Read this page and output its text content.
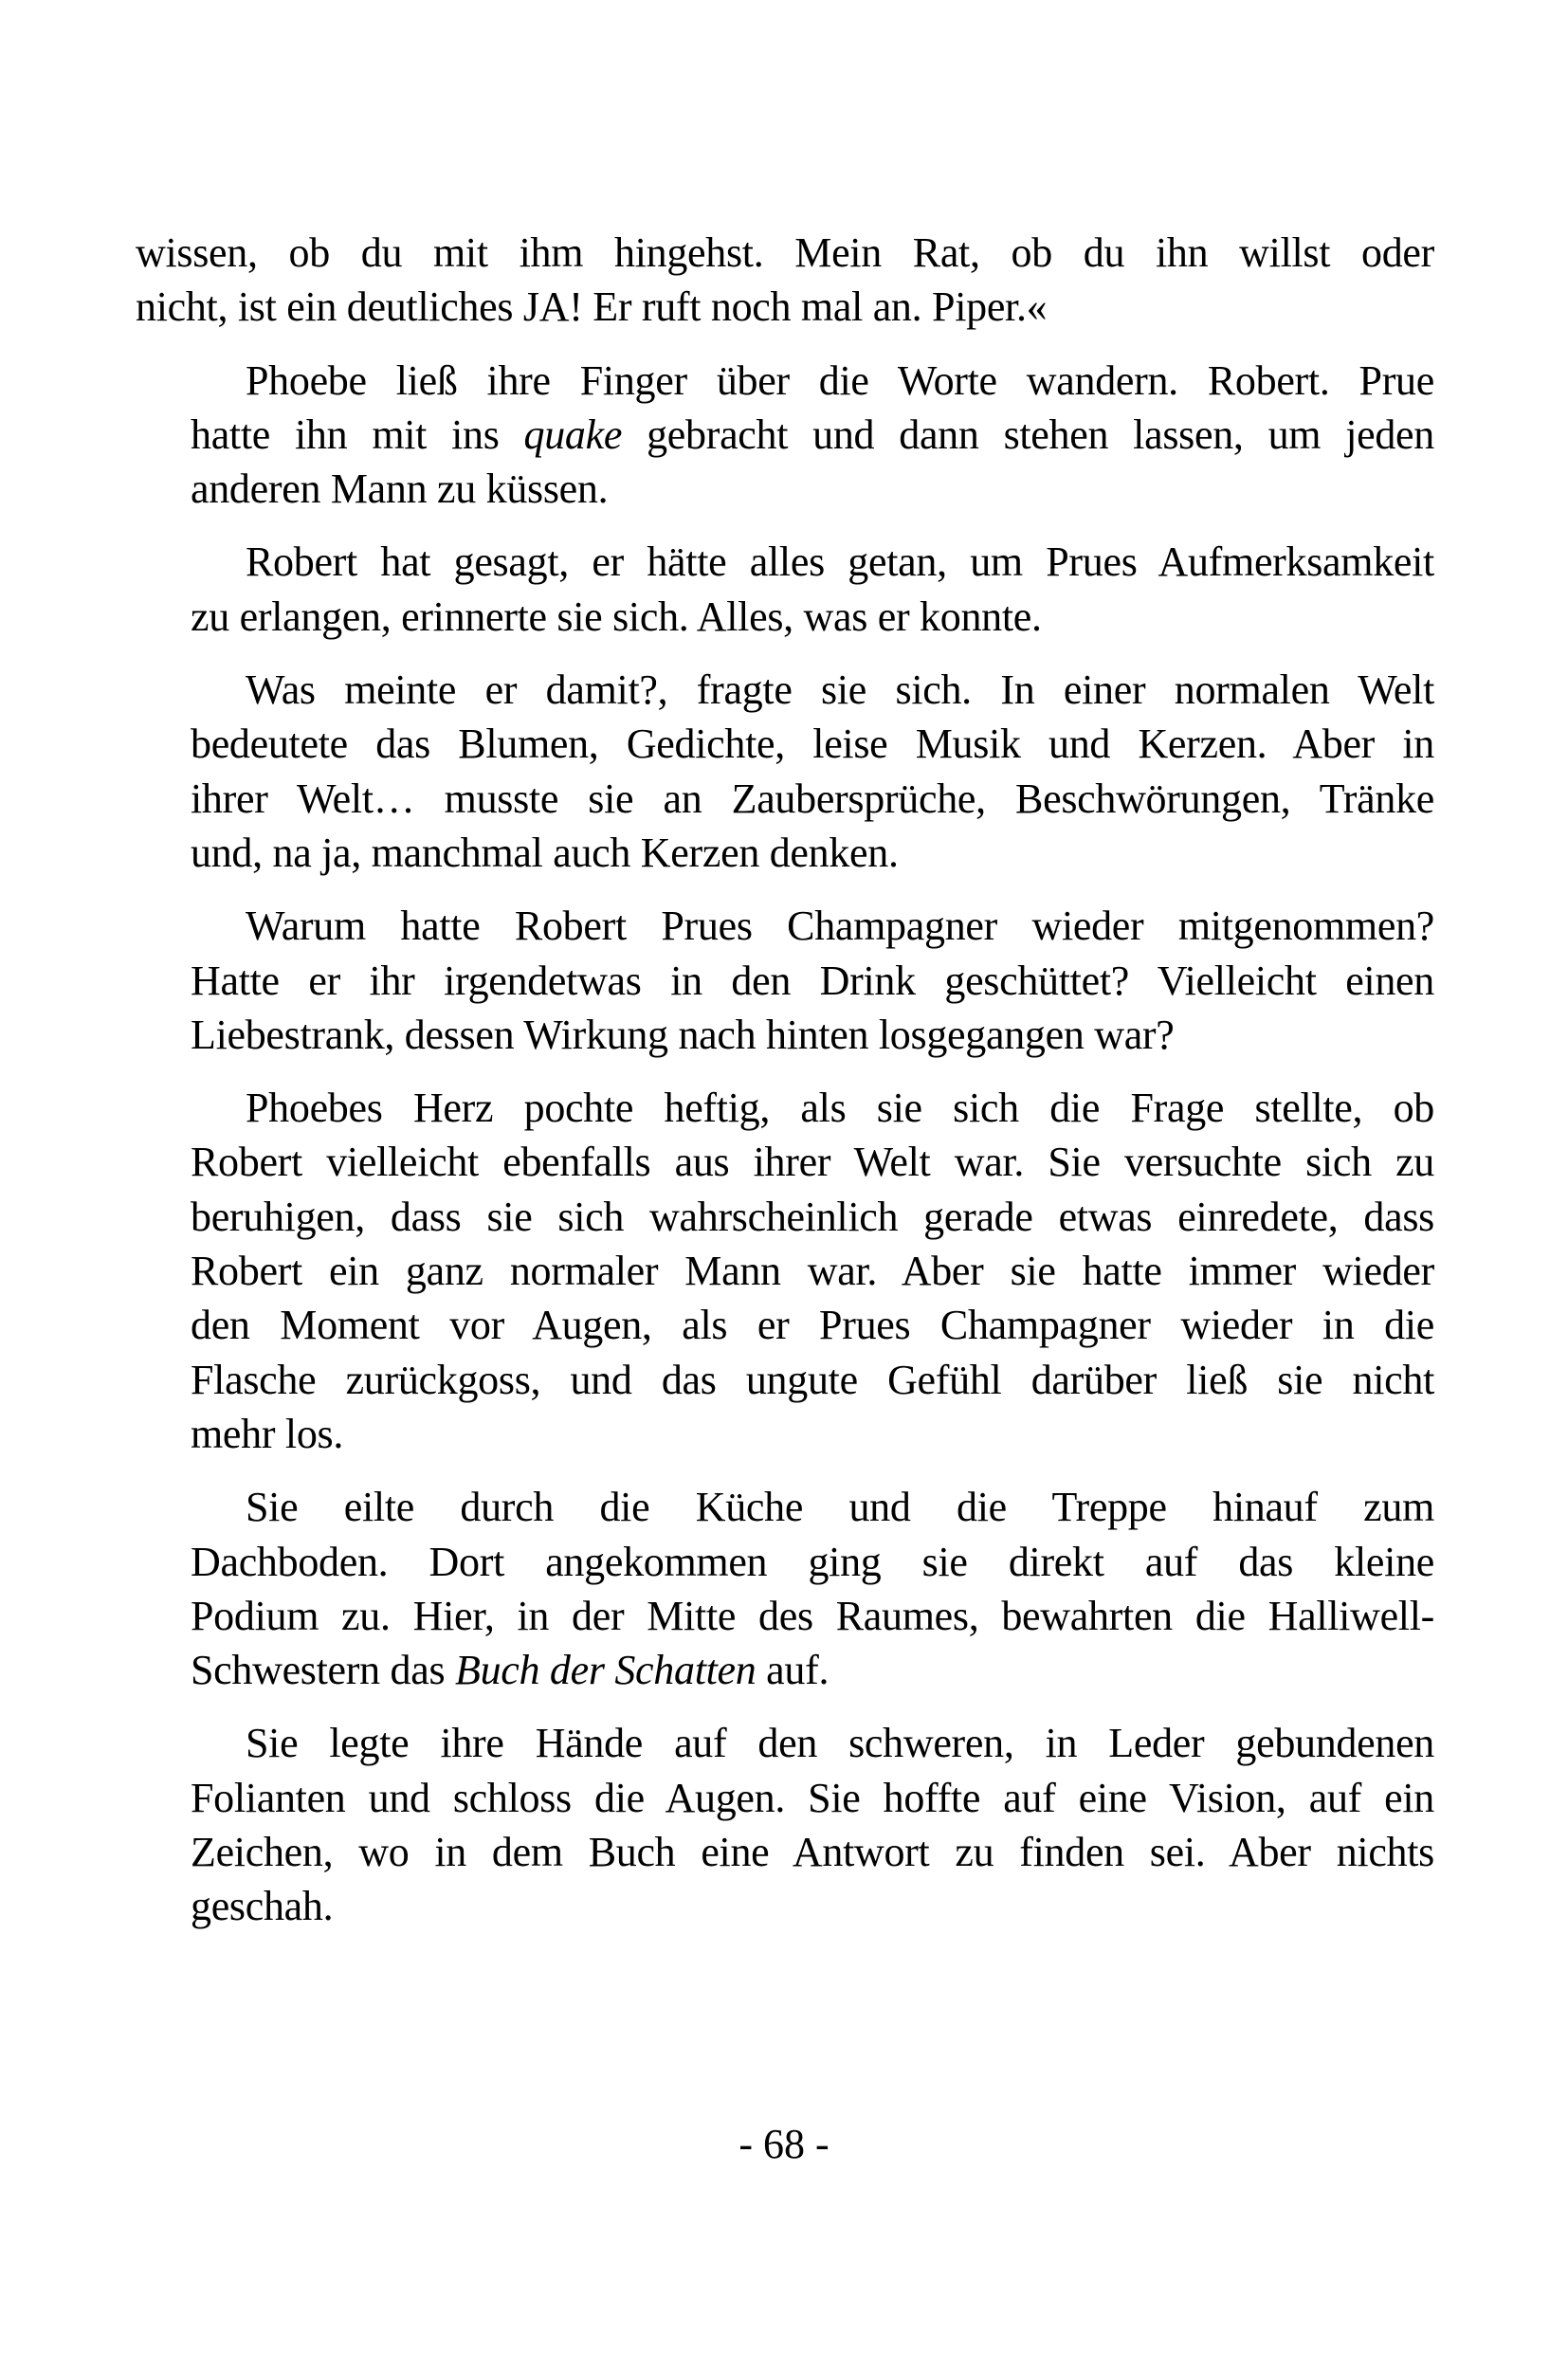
wissen, ob du mit ihm hingehst. Mein Rat, ob du ihn willst oder
nicht, ist ein deutliches JA! Er ruft noch mal an. Piper.«

Phoebe ließ ihre Finger über die Worte wandern. Robert. Prue
hatte ihn mit ins quake gebracht und dann stehen lassen, um jeden
anderen Mann zu küssen.

Robert hat gesagt, er hätte alles getan, um Prues Aufmerksamkeit
zu erlangen, erinnerte sie sich. Alles, was er konnte.

Was meinte er damit?, fragte sie sich. In einer normalen Welt
bedeutete das Blumen, Gedichte, leise Musik und Kerzen. Aber in
ihrer Welt… musste sie an Zaubersprüche, Beschwörungen, Tränke
und, na ja, manchmal auch Kerzen denken.

Warum hatte Robert Prues Champagner wieder mitgenommen?
Hatte er ihr irgendetwas in den Drink geschüttet? Vielleicht einen
Liebestrank, dessen Wirkung nach hinten losgegangen war?

Phoebes Herz pochte heftig, als sie sich die Frage stellte, ob
Robert vielleicht ebenfalls aus ihrer Welt war. Sie versuchte sich zu
beruhigen, dass sie sich wahrscheinlich gerade etwas einredete, dass
Robert ein ganz normaler Mann war. Aber sie hatte immer wieder
den Moment vor Augen, als er Prues Champagner wieder in die
Flasche zurückgoss, und das ungute Gefühl darüber ließ sie nicht
mehr los.

Sie eilte durch die Küche und die Treppe hinauf zum
Dachboden. Dort angekommen ging sie direkt auf das kleine
Podium zu. Hier, in der Mitte des Raumes, bewahrten die Halliwell-
Schwestern das Buch der Schatten auf.

Sie legte ihre Hände auf den schweren, in Leder gebundenen
Folianten und schloss die Augen. Sie hoffte auf eine Vision, auf ein
Zeichen, wo in dem Buch eine Antwort zu finden sei. Aber nichts
geschah.

- 68 -
